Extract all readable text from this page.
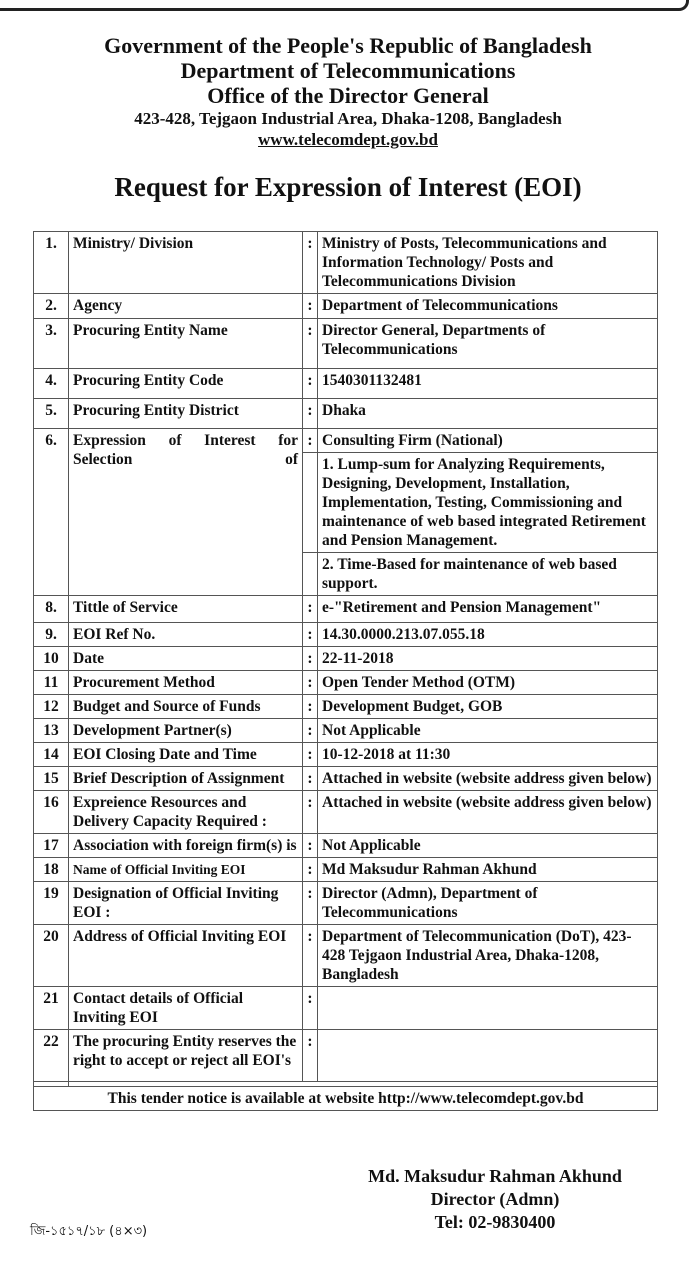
Government of the People's Republic of Bangladesh
Department of Telecommunications
Office of the Director General
423-428, Tejgaon Industrial Area, Dhaka-1208, Bangladesh
www.telecomdept.gov.bd
Request for Expression of Interest (EOI)
1.	Ministry/ Division	:	Ministry of Posts, Telecommunications and Information Technology/ Posts and Telecommunications Division
2.	Agency	:	Department of Telecommunications
3.	Procuring Entity Name	:	Director General, Departments of Telecommunications
4.	Procuring Entity Code	:	1540301132481
5.	Procuring Entity District	:	Dhaka
6.	Expression of Interest for Selection of	:	Consulting Firm (National)
			1. Lump-sum for Analyzing Requirements, Designing, Development, Installation, Implementation, Testing, Commissioning and maintenance of web based integrated Retirement and Pension Management.
			2. Time-Based for maintenance of web based support.
8.	Tittle of Service	:	e-"Retirement and Pension Management"
9.	EOI Ref No.	:	14.30.0000.213.07.055.18
10	Date	:	22-11-2018
11	Procurement Method	:	Open Tender Method (OTM)
12	Budget and Source of Funds	:	Development Budget, GOB
13	Development Partner(s)	:	Not Applicable
14	EOI Closing Date and Time	:	10-12-2018 at 11:30
15	Brief Description of Assignment	:	Attached in website (website address given below)
16	Expreience Resources and Delivery Capacity Required :	:	Attached in website (website address given below)
17	Association with foreign firm(s) is	:	Not Applicable
18	Name of Official Inviting EOI	:	Md Maksudur Rahman Akhund
19	Designation of Official Inviting EOI :	:	Director (Admn), Department of Telecommunications
20	Address of Official Inviting EOI	:	Department of Telecommunication (DoT), 423-428 Tejgaon Industrial Area, Dhaka-1208, Bangladesh
21	Contact details of Official Inviting EOI	:	
22	The procuring Entity reserves the right to accept or reject all EOI's	:	

This tender notice is available at website http://www.telecomdept.gov.bd			
Md. Maksudur Rahman Akhund
Director (Admn)
Tel: 02-9830400
জি-১৫১৭/১৮ (৪×৩)
